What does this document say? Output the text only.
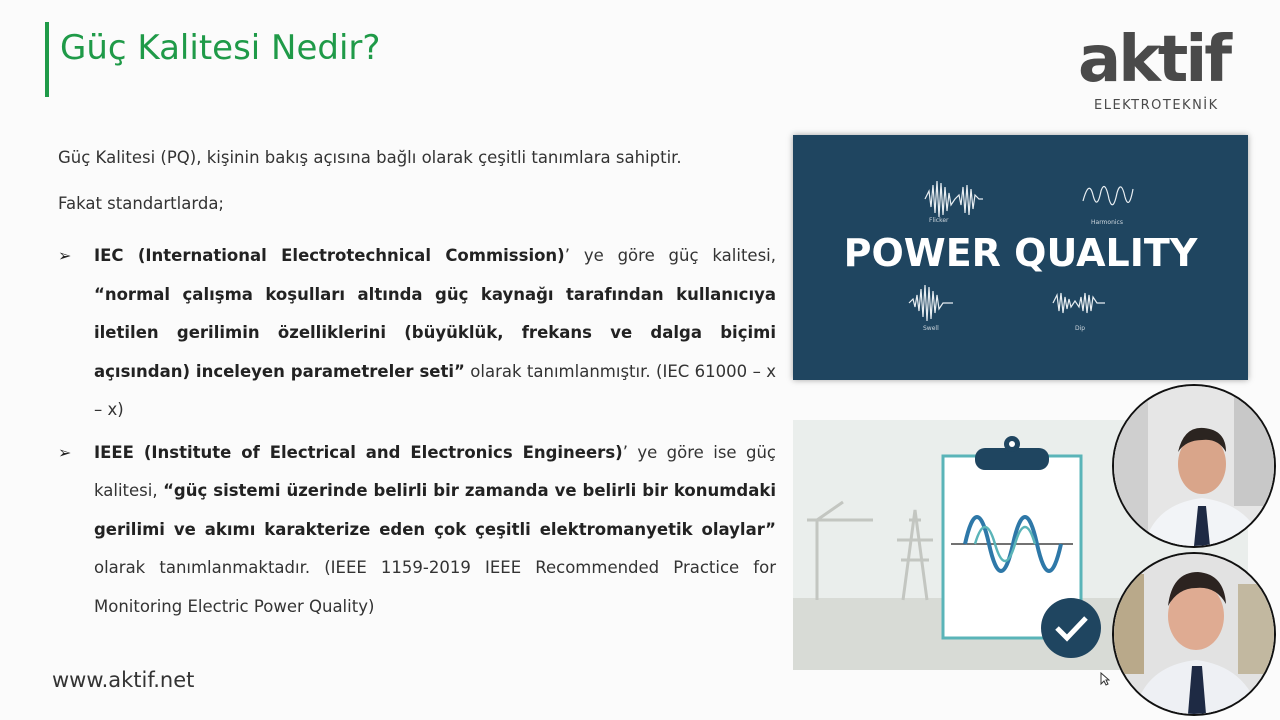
Güç Kalitesi Nedir?	aktif
ELEKTROTEKNİK
Güç Kalitesi (PQ), kişinin bakış açısına bağlı olarak çeşitli tanımlara sahiptir.
Fakat standartlarda;
➢ IEC (International Electrotechnical Commission)’ ye göre güç kalitesi, “normal çalışma koşulları altında güç kaynağı tarafından kullanıcıya iletilen gerilimin özelliklerini (büyüklük, frekans ve dalga biçimi açısından) inceleyen parametreler seti” olarak tanımlanmıştır. (IEC 61000 – x – x)
➢ IEEE (Institute of Electrical and Electronics Engineers)’ ye göre ise güç kalitesi, “güç sistemi üzerinde belirli bir zamanda ve belirli bir konumdaki gerilimi ve akımı karakterize eden çok çeşitli elektromanyetik olaylar” olarak tanımlanmaktadır. (IEEE 1159-2019 IEEE Recommended Practice for Monitoring Electric Power Quality)
www.aktif.net
Flicker	Harmonics
Swell	Dip
POWER QUALITY
